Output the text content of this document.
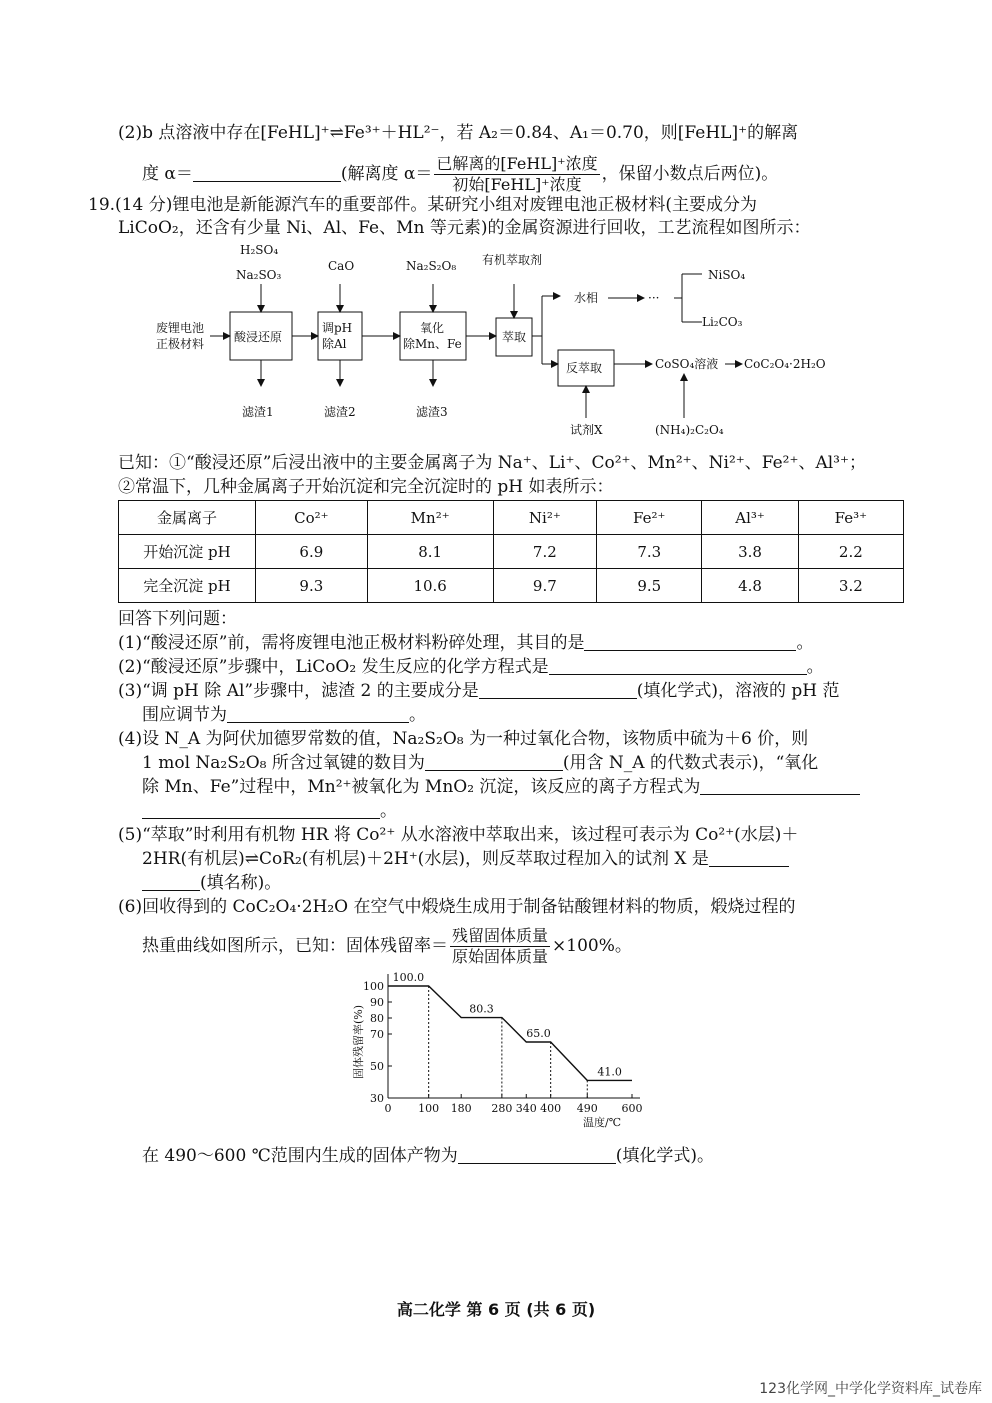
(2)b 点溶液中存在[FeHL]⁺⇌Fe³⁺＋HL²⁻，若 A₂＝0.84、A₁＝0.70，则[FeHL]⁺的解离
度 α＝	(解离度 $\alpha= \frac{\text{已解离的[FeHL]⁺浓度}}{\text{初始[FeHL]⁺浓度}}$ ，保留小数点后两位)。
19.(14 分)锂电池是新能源汽车的重要部件。某研究小组对废锂电池正极材料(主要成分为
LiCoO₂，还含有少量 Ni、Al、Fe、Mn 等元素)的金属资源进行回收，工艺流程如图所示：
废锂电池
正极材料 酸浸还原
H₂SO₄
Na₂SO₃
滤渣1
调pH
除Al
CaO
滤渣2
氧化
除Mn、Fe
Na₂S₂O₈
滤渣3
萃取
有机萃取剂
水相	···
NiSO₄
Li₂CO₃
反萃取
试剂X
CoSO₄溶液 CoC₂O₄·2H₂O
(NH₄)₂C₂O₄
已知：①“酸浸还原”后浸出液中的主要金属离子为 Na⁺、Li⁺、Co²⁺、Mn²⁺、Ni²⁺、Fe²⁺、Al³⁺；
②常温下，几种金属离子开始沉淀和完全沉淀时的 pH 如表所示：
金属离子	Co²⁺	Mn²⁺	Ni²⁺	Fe²⁺	Al³⁺	Fe³⁺
开始沉淀 pH	6.9	8.1	7.2	7.3	3.8	2.2
完全沉淀 pH	9.3	10.6	9.7	9.5	4.8	3.2
回答下列问题：
(1)“酸浸还原”前，需将废锂电池正极材料粉碎处理，其目的是	。
(2)“酸浸还原”步骤中，LiCoO₂ 发生反应的化学方程式是	。
(3)“调 pH 除 Al”步骤中，滤渣 2 的主要成分是	(填化学式)，溶液的 pH 范
围应调节为	。
(4)设 N_A 为阿伏加德罗常数的值，Na₂S₂O₈ 为一种过氧化合物，该物质中硫为＋6 价，则
1 mol Na₂S₂O₈ 所含过氧键的数目为	(用含 N_A 的代数式表示)，“氧化
除 Mn、Fe”过程中，Mn²⁺被氧化为 MnO₂ 沉淀，该反应的离子方程式为
。
(5)“萃取”时利用有机物 HR 将 Co²⁺ 从水溶液中萃取出来，该过程可表示为 Co²⁺(水层)＋
2HR(有机层)⇌CoR₂(有机层)＋2H⁺(水层)，则反萃取过程加入的试剂 X 是
(填名称)。
(6)回收得到的 CoC₂O₄·2H₂O 在空气中煅烧生成用于制备钴酸锂材料的物质，煅烧过程的
热重曲线如图所示，已知：固体残留率＝ $\frac{\text{残留固体质量}}{\text{原始固体质量}} \times 100\%$。
30
50
70
80
90
100
0 100 180 280 340 400 490 600
温度/℃
固体残留率(%)
100.0
80.3
65.0
41.0
在 490～600 ℃范围内生成的固体产物为	(填化学式)。
高二化学 第 6 页 (共 6 页)
123化学网_中学化学资料库_试卷库
